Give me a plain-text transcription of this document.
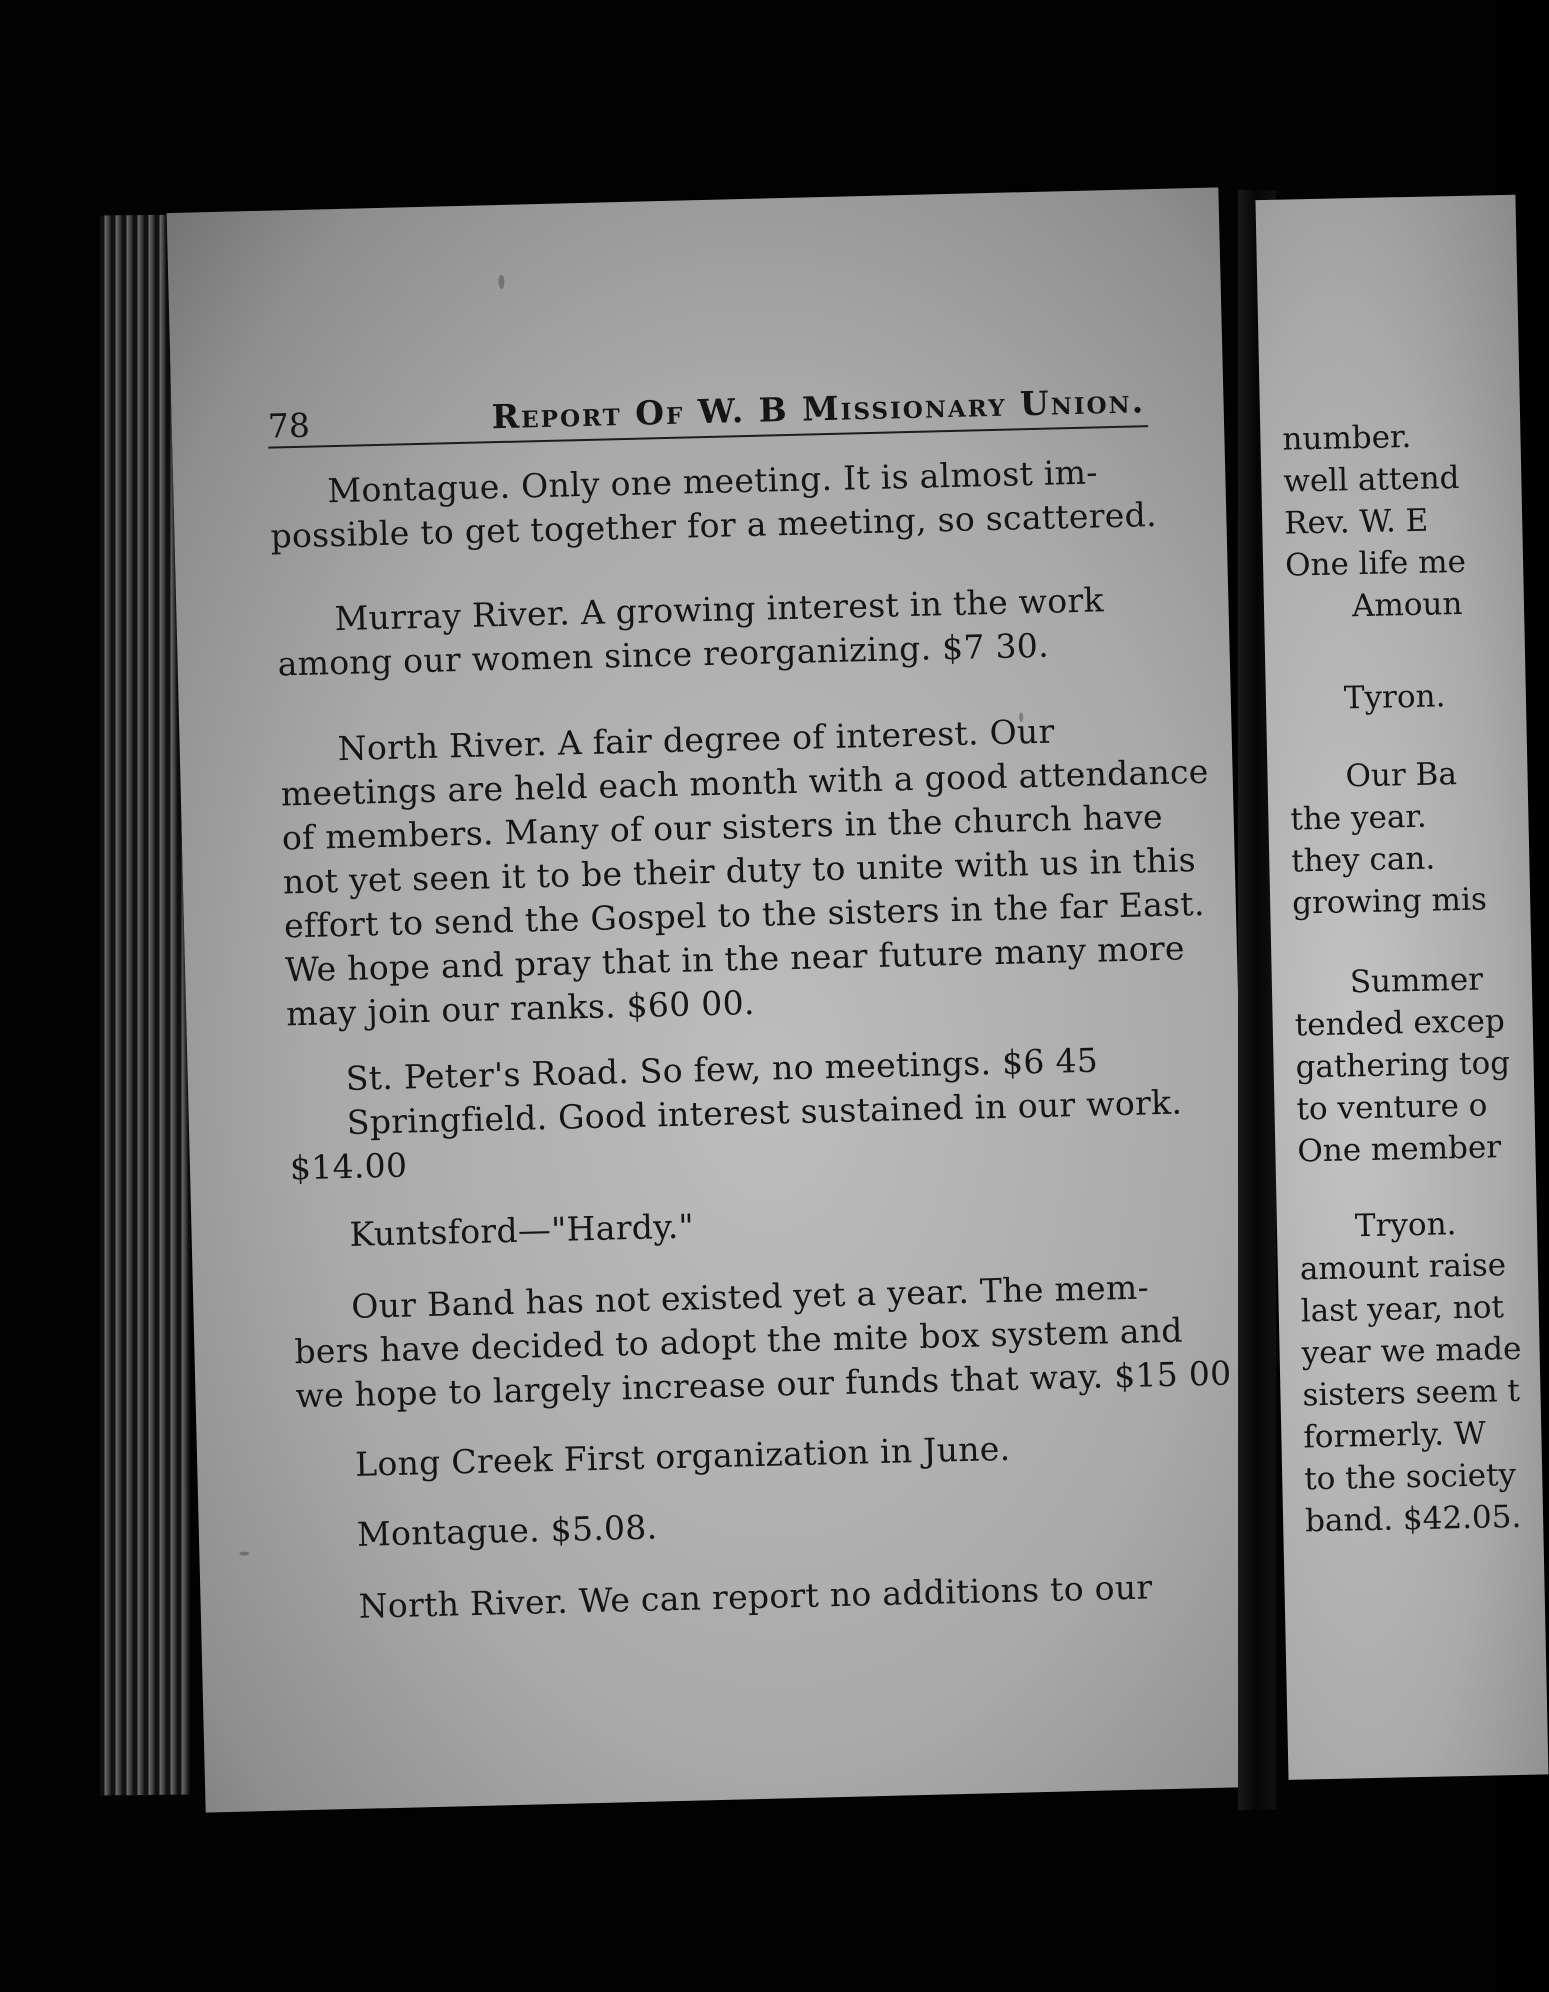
78	Report Of W. B Missionary Union.
Montague. Only one meeting. It is almost im-
possible to get together for a meeting, so scattered.
Murray River. A growing interest in the work
among our women since reorganizing. $7 30.
North River. A fair degree of interest. Our
meetings are held each month with a good attendance
of members. Many of our sisters in the church have
not yet seen it to be their duty to unite with us in this
effort to send the Gospel to the sisters in the far East.
We hope and pray that in the near future many more
may join our ranks. $60 00.
St. Peter's Road. So few, no meetings. $6 45
Springfield. Good interest sustained in our work.
$14.00
Kuntsford—"Hardy."
Our Band has not existed yet a year. The mem-
bers have decided to adopt the mite box system and
we hope to largely increase our funds that way. $15 00
Long Creek First organization in June.
Montague. $5.08.
North River. We can report no additions to our
number.
well attend
Rev. W. E
One life me
Amoun
Tyron.
Our Ba
the year.
they can.
growing mis
Summer
tended excep
gathering tog
to venture o
One member
Tryon.
amount raise
last year, not
year we made
sisters seem t
formerly. W
to the society
band. $42.05.
